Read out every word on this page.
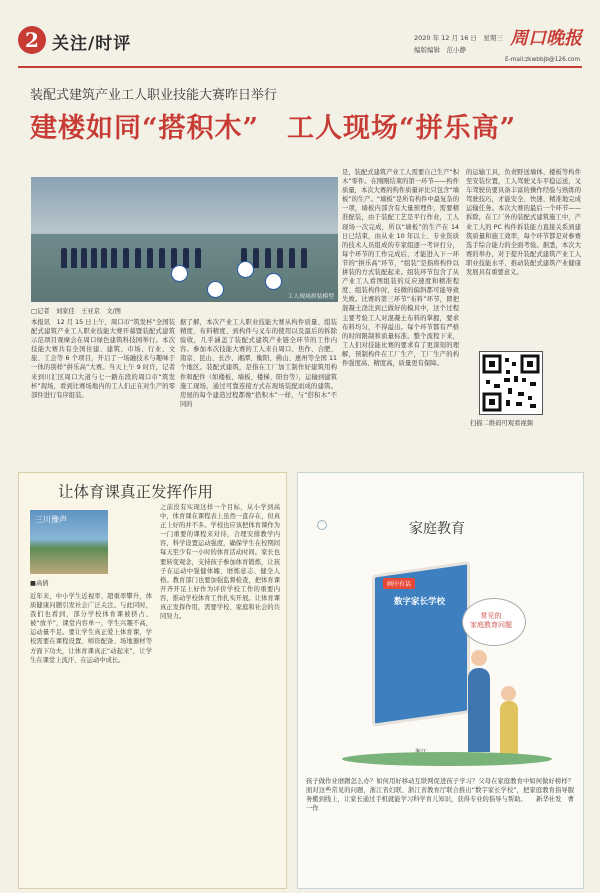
2 关注/时评	2020 年 12 月 16 日　星期三
编版编辑　范小静
周口晚报
E-mail:zkwbbjb@126.com
装配式建筑产业工人职业技能大赛昨日举行
建楼如同“搭积木”　工人现场“拼乐高”
工人现场拼装模型
□记者　刘家佳　王亚京　文/图

本报讯　12 月 15 日上午，周口市“筑发杯”全国装配式建筑产业工人职业技能大赛开幕暨装配式建筑示范项目观摩会在周口绿色建筑科技园举行。本次技能大赛共有全国住建、建筑、市场、行业、文旅、工会等 6 个项目，开启了一场融技术与趣味于一体的别样“拼乐高”大赛。当天上午 9 时许，记者来到川汇区周口大道与七一路东段的周口市“筑发杯”现场，看到比赛场地内的工人们正在对生产的零部件进行有序组装。

据了解，本次产业工人职业技能大赛从构件质量、组装精度、布料精度、到构件与叉车的使用以及最后的拆除验收，几乎涵盖了装配式建筑产业链全环节的工作内容。参加本次技能大赛的工人来自周口、焦作、合肥、南京、昆山、长沙、湘潭、衡阳、佛山、惠州等全国 11 个地区。装配式建筑，是指在工厂加工制作好建筑用构件和配件（如楼板、墙板、楼梯、阳台等），运输到建筑施工现场，通过可靠连接方式在现场装配而成的建筑。房屋的每个建造过程都像“搭积木”一样，与“搭积木”不同的

是，装配式建筑产业工人需要自己生产“积木”零件。在刚刚结束的第一环节——构件质量，本次大赛的构件质量评比只包含“墙板”的生产。“墙板”是所有构件中最复杂的一项，墙板内部含有大量预埋件，需要精准配装，由于装配工艺是平行作业，工人现场一次完成，所以“墙板”的生产在 14 日已结束，由从业 10 年以上、专业资质的技术人员组成的专家组逐一考评打分，每个环节的工作完成后，才能进入下一环节的“拼乐高”环节，“组装”是指将构件以拼装的方式装配起来。组装环节包含了从产业工人看图组装的反应速度和精准程度、组装构件时，轻微的偏斜都可能导致失败。比赛的第三环节“布料”环节，即把混凝土浇注到已做好的模具中，这个过程主要考验工人对混凝土布料的掌握，要求布料均匀，不得溢出。每个环节都有严格的时间限制和质量标准。整个流程下来，工人们对技能比赛的要求有了更深刻的理解，预制构件在工厂生产，工厂生产的构件强度高、精度高，质量更有保障。

的运输工具，负责野送墙体、楼板等构件至安装位置，工人驾驶叉车平稳运送，叉车驾驶员要具备丰富的操作经验与熟练的驾驶技巧，才能安全、快速、精准地完成运输任务。本次大赛的最后一个环节——拆除，在工厂外的装配式建筑施工中，产业工人的 PC 构件拆装能力直接关系到建筑质量和施工效率，每个环节都是对参赛选手综合能力的全面考验。据悉，本次大赛的举办，对于提升装配式建筑产业工人职业技能水平、推动装配式建筑产业健康发展具有重要意义。

扫描二维码可观看视频
让体育课真正发挥作用
三川豫声
■高倩

近年来，中小学生近视率、超重率攀升，体质健康问题引发社会广泛关注。与此同时，我们也看到，部分学校体育课被挤占、被“放羊”，课堂内容单一，学生兴趣不高，运动量不足。要让学生真正爱上体育课，学校需要在课程设置、师资配备、场地器材等方面下功夫，让体育课真正“动起来”，让学生在课堂上流汗、在运动中成长。

之前没有实现这样一个目标，从小学到高中，体育课在课程表上虽然一直存在，但真正上好的并不多。学校也应该把体育课作为一门重要的课程来对待，合理安排教学内容，科学设置运动强度，确保学生在校期间每天至少有一小时的体育活动时间。家长也要转变观念，支持孩子参加体育锻炼，让孩子在运动中强健体魄、磨炼意志、健全人格。教育部门也要加强监督检查，把体育课开齐开足上好作为评价学校工作的重要内容，推动学校体育工作扎实开展。让体育课真正发挥作用，需要学校、家庭和社会的共同努力。

家庭教育
画中有话
数字家长学校
常见的
家庭教育问题

孩子做作业磨蹭怎么办？如何用好移动互联网促进孩子学习？父母在家庭教育中如何做好榜样？面对这些常见的问题，浙江省妇联、浙江省教育厅联合推出“数字家长学校”，把家庭教育指导服务搬到线上，让家长通过手机就能学习科学育儿知识，获得专业的指导与帮助。　　新华社发　曹一作
